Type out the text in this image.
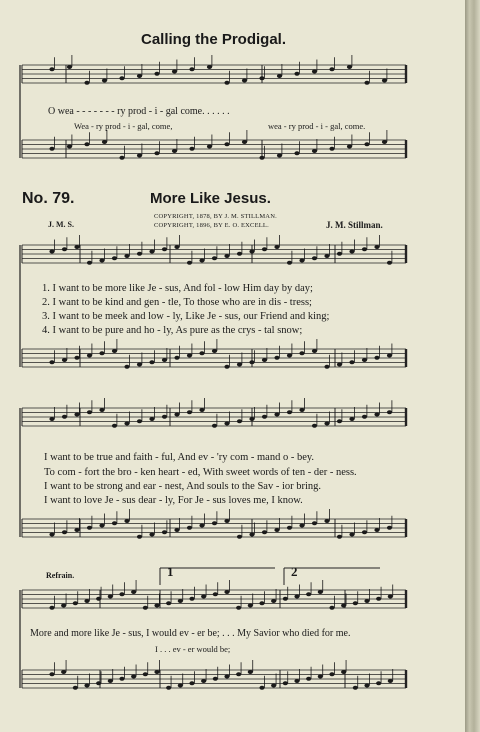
Calling the Prodigal.
O wea - - - - - - - ry prod - i - gal come. . . . . .
Wea - ry prod - i - gal, come,	wea - ry prod - i - gal, come.
No. 79.	More Like Jesus.
J. M. S.
COPYRIGHT, 1878, BY J. M. STILLMAN.
COPYRIGHT, 1896, BY E. O. EXCELL.	J. M. Stillman.
1. I want to be more like Je - sus, And fol - low Him day by day;
2. I want to be kind and gen - tle, To those who are in dis - tress;
3. I want to be meek and low - ly, Like Je - sus, our Friend and king;
4. I want to be pure and ho - ly, As pure as the crys - tal snow;
I want to be true and faith - ful, And ev - 'ry com - mand o - bey.
To com - fort the bro - ken heart - ed, With sweet words of ten - der - ness.
I want to be strong and ear - nest, And souls to the Sav - ior bring.
I want to love Je - sus dear - ly, For Je - sus loves me, I know.
Refrain.	1	2
More and more like Je - sus, I would ev - er be; . . . My Savior who died for me.
I . . . ev - er would be;
